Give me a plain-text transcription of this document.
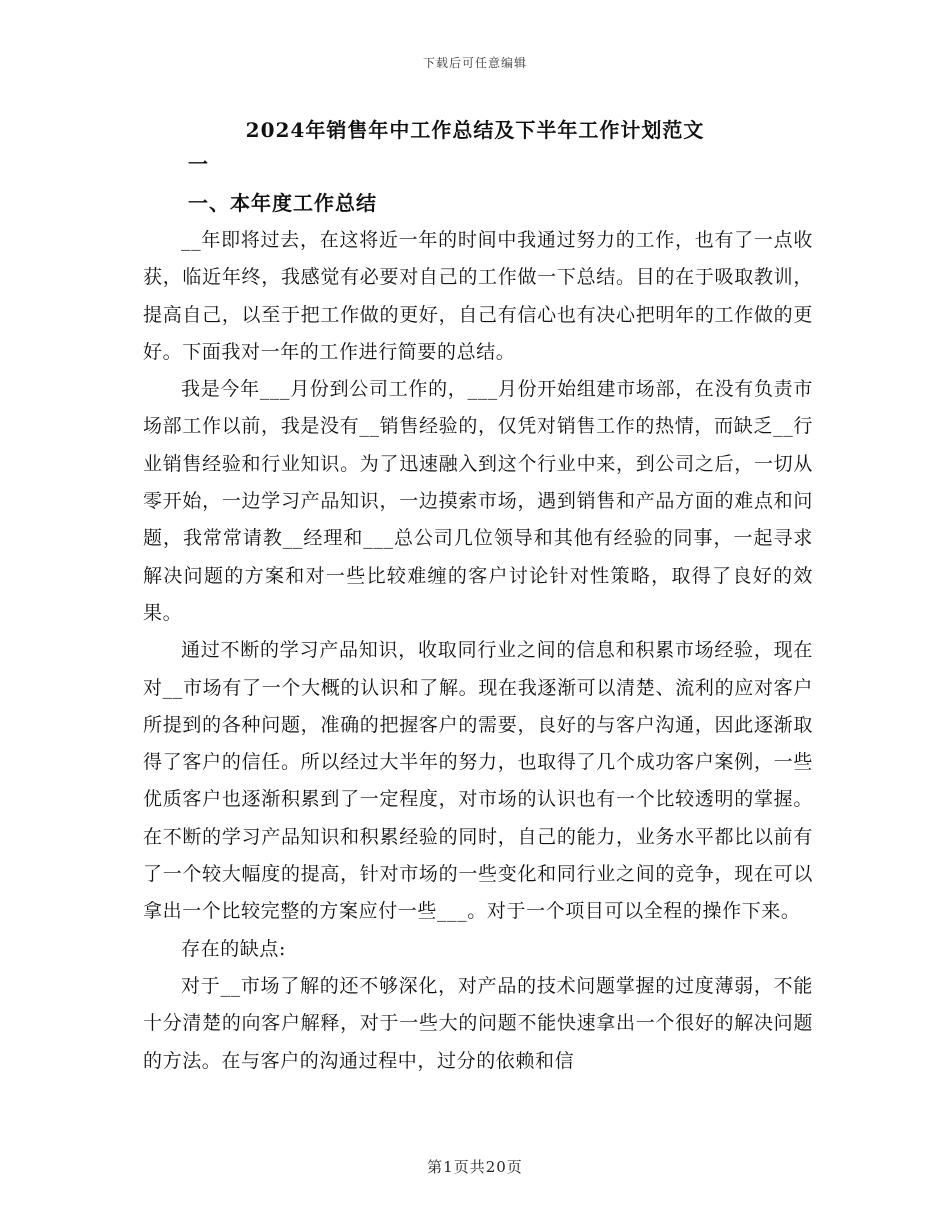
下载后可任意编辑
2024年销售年中工作总结及下半年工作计划范文
一
一、本年度工作总结

__年即将过去，在这将近一年的时间中我通过努力的工作，也有了一点收获，临近年终，我感觉有必要对自己的工作做一下总结。目的在于吸取教训，提高自己，以至于把工作做的更好，自己有信心也有决心把明年的工作做的更好。下面我对一年的工作进行简要的总结。

我是今年___月份到公司工作的，___月份开始组建市场部，在没有负责市场部工作以前，我是没有__销售经验的，仅凭对销售工作的热情，而缺乏__行业销售经验和行业知识。为了迅速融入到这个行业中来，到公司之后，一切从零开始，一边学习产品知识，一边摸索市场，遇到销售和产品方面的难点和问题，我常常请教__经理和___总公司几位领导和其他有经验的同事，一起寻求解决问题的方案和对一些比较难缠的客户讨论针对性策略，取得了良好的效果。

通过不断的学习产品知识，收取同行业之间的信息和积累市场经验，现在对__市场有了一个大概的认识和了解。现在我逐渐可以清楚、流利的应对客户所提到的各种问题，准确的把握客户的需要，良好的与客户沟通，因此逐渐取得了客户的信任。所以经过大半年的努力，也取得了几个成功客户案例，一些优质客户也逐渐积累到了一定程度，对市场的认识也有一个比较透明的掌握。在不断的学习产品知识和积累经验的同时，自己的能力，业务水平都比以前有了一个较大幅度的提高，针对市场的一些变化和同行业之间的竞争，现在可以拿出一个比较完整的方案应付一些___。对于一个项目可以全程的操作下来。

存在的缺点:

对于__市场了解的还不够深化，对产品的技术问题掌握的过度薄弱，不能十分清楚的向客户解释，对于一些大的问题不能快速拿出一个很好的解决问题的方法。在与客户的沟通过程中，过分的依赖和信

第1页共20页
